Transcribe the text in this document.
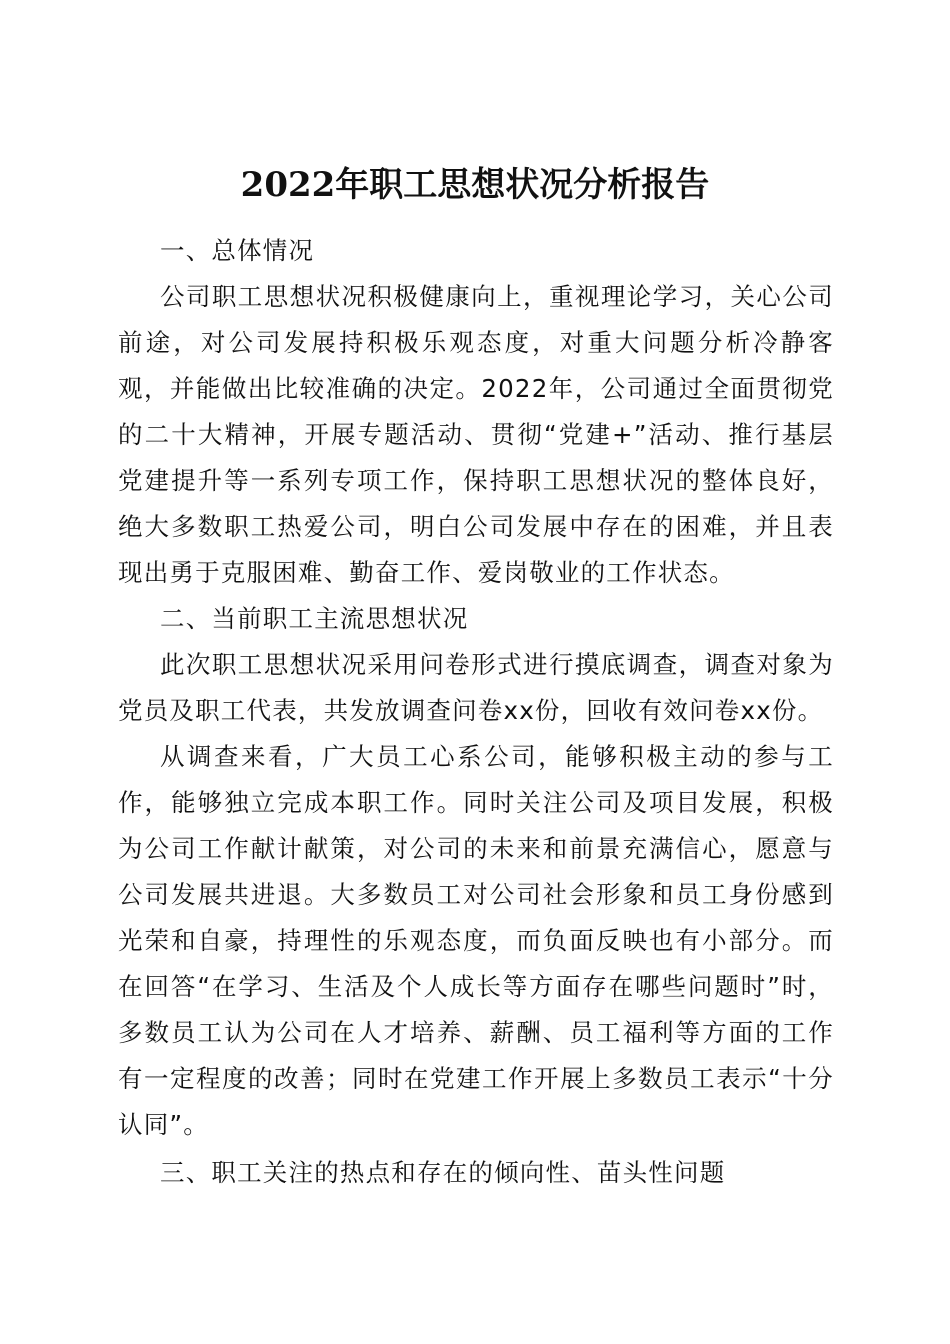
2022年职工思想状况分析报告
一、总体情况

公司职工思想状况积极健康向上，重视理论学习，关心公司前途，对公司发展持积极乐观态度，对重大问题分析冷静客观，并能做出比较准确的决定。2022年，公司通过全面贯彻党的二十大精神，开展专题活动、贯彻“党建+”活动、推行基层党建提升等一系列专项工作，保持职工思想状况的整体良好，绝大多数职工热爱公司，明白公司发展中存在的困难，并且表现出勇于克服困难、勤奋工作、爱岗敬业的工作状态。

二、当前职工主流思想状况

此次职工思想状况采用问卷形式进行摸底调查，调查对象为党员及职工代表，共发放调查问卷xx份，回收有效问卷xx份。

从调查来看，广大员工心系公司，能够积极主动的参与工作，能够独立完成本职工作。同时关注公司及项目发展，积极为公司工作献计献策，对公司的未来和前景充满信心，愿意与公司发展共进退。大多数员工对公司社会形象和员工身份感到光荣和自豪，持理性的乐观态度，而负面反映也有小部分。而在回答“在学习、生活及个人成长等方面存在哪些问题时”时，多数员工认为公司在人才培养、薪酬、员工福利等方面的工作有一定程度的改善；同时在党建工作开展上多数员工表示“十分认同”。

三、职工关注的热点和存在的倾向性、苗头性问题
